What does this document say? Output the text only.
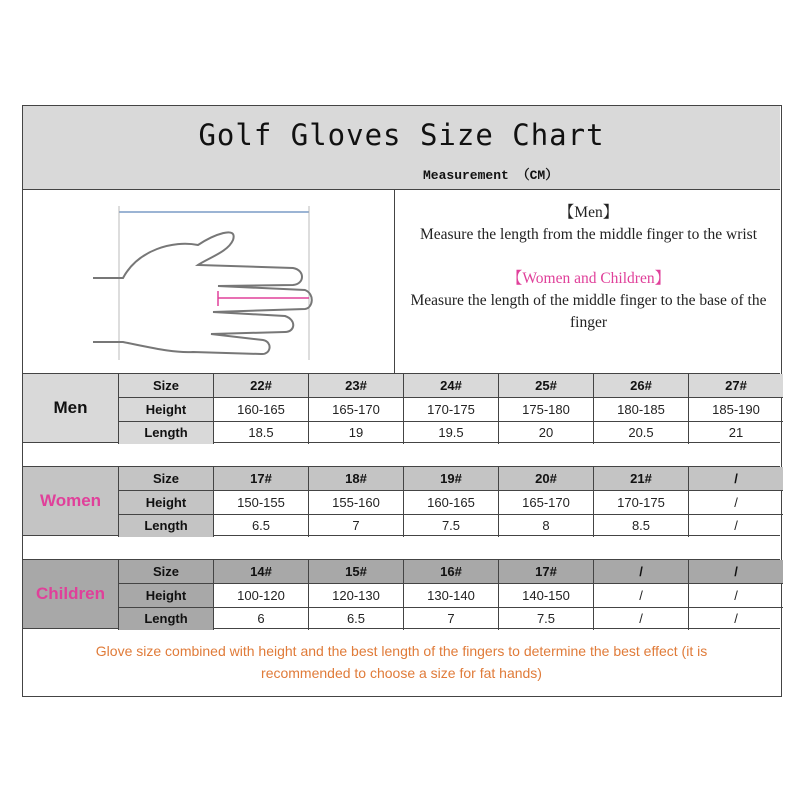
Golf Gloves Size Chart
Measurement （CM）

【Men】

Measure the length from the middle finger to the wrist

【Women and Children】

Measure the length of the middle finger to the base of the finger

Men
Size	22#	23#	24#	25#	26#	27#
Height	160-165	165-170	170-175	175-180	180-185	185-190
Length	18.5	19	19.5	20	20.5	21
Women
Size	17#	18#	19#	20#	21#	/
Height	150-155	155-160	160-165	165-170	170-175	/
Length	6.5	7	7.5	8	8.5	/
Children
Size	14#	15#	16#	17#	/	/
Height	100-120	120-130	130-140	140-150	/	/
Length	6	6.5	7	7.5	/	/
Glove size combined with height and the best length of the fingers to determine the best effect (it is recommended to choose a size for fat hands)
